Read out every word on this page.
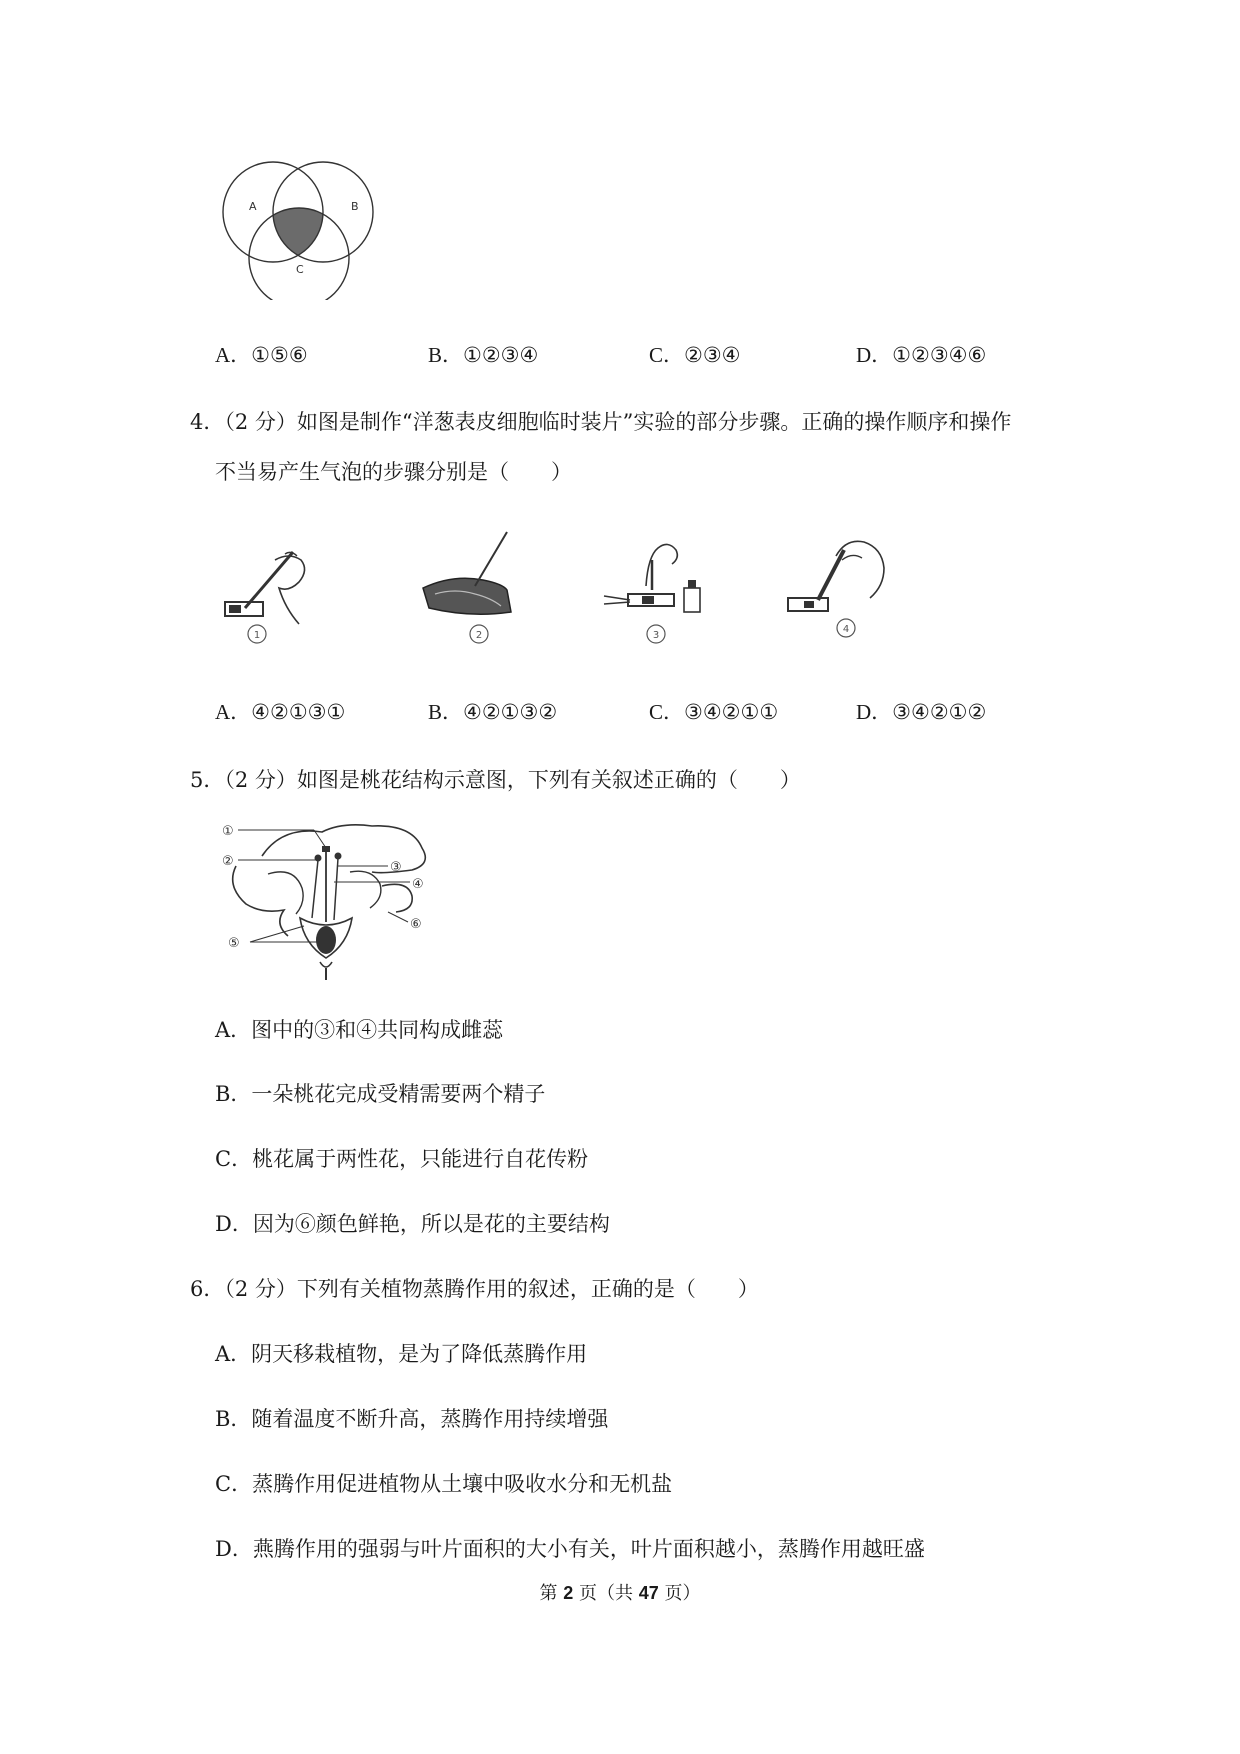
A	B
C
A．①⑤⑥	B．①②③④	C．②③④	D．①②③④⑥
4．（2 分）如图是制作“洋葱表皮细胞临时装片”实验的部分步骤。正确的操作顺序和操作
不当易产生气泡的步骤分别是（　　）
1	2	3
4
A．④②①③①	B．④②①③②	C．③④②①①	D．③④②①②
5．（2 分）如图是桃花结构示意图，下列有关叙述正确的（　　）
①
②	③
④
⑤
⑥
A．图中的③和④共同构成雌蕊
B．一朵桃花完成受精需要两个精子
C．桃花属于两性花，只能进行自花传粉
D．因为⑥颜色鲜艳，所以是花的主要结构
6．（2 分）下列有关植物蒸腾作用的叙述，正确的是（　　）
A．阴天移栽植物，是为了降低蒸腾作用
B．随着温度不断升高，蒸腾作用持续增强
C．蒸腾作用促进植物从土壤中吸收水分和无机盐
D．燕腾作用的强弱与叶片面积的大小有关，叶片面积越小，蒸腾作用越旺盛
第 2 页（共 47 页）
